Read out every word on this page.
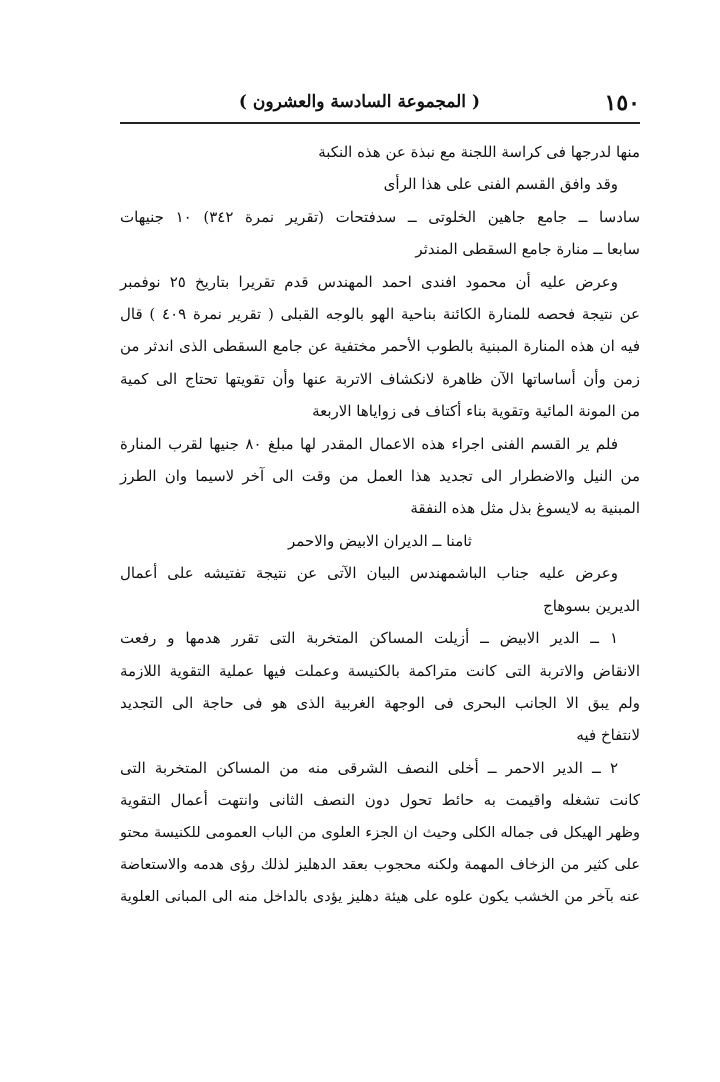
١٥٠
( المجموعة السادسة والعشرون )
منها لدرجها فى كراسة اللجنة مع نبذة عن هذه النكبة
وقد وافق القسم الفنى على هذا الرأى
سادسا ــ جامع جاهين الخلوتى ــ سدفتحات (تقرير نمرة ٣٤٢) ١٠ جنيهات
سابعا ــ منارة جامع السقطى المندثر
وعرض عليه أن محمود افندى احمد المهندس قدم تقريرا بتاريخ ٢٥ نوفمبر
عن نتيجة فحصه للمنارة الكائنة بناحية الهو بالوجه القبلى ( تقرير نمرة ٤٠٩ ) قال
فيه ان هذه المنارة المبنية بالطوب الأحمر مختفية عن جامع السقطى الذى اندثر من
زمن وأن أساساتها الآن ظاهرة لانكشاف الاتربة عنها وأن تقويتها تحتاج الى كمية
من المونة المائية وتقوية بناء أكتاف فى زواياها الاربعة
فلم ير القسم الفنى اجراء هذه الاعمال المقدر لها مبلغ ٨٠ جنيها لقرب المنارة
من النيل والاضطرار الى تجديد هذا العمل من وقت الى آخر لاسيما وان الطرز
المبنية به لايسوغ بذل مثل هذه النفقة
ثامنا ــ الديران الابيض والاحمر
وعرض عليه جناب الباشمهندس البيان الآتى عن نتيجة تفتيشه على أعمال
الديرين بسوهاج
١ ــ الدير الابيض ــ أزيلت المساكن المتخربة التى تقرر هدمها و رفعت
الانقاض والاتربة التى كانت متراكمة بالكنيسة وعملت فيها عملية التقوية اللازمة
ولم يبق الا الجانب البحرى فى الوجهة الغربية الذى هو فى حاجة الى التجديد
لانتفاخ فيه
٢ ــ الدير الاحمر ــ أخلى النصف الشرقى منه من المساكن المتخربة التى
كانت تشغله واقيمت به حائط تحول دون النصف الثانى وانتهت أعمال التقوية
وظهر الهيكل فى جماله الكلى وحيث ان الجزء العلوى من الباب العمومى للكنيسة محتو
على كثير من الزخاف المهمة ولكنه محجوب بعقد الدهليز لذلك رؤى هدمه والاستعاضة
عنه بآخر من الخشب يكون علوه على هيئة دهليز يؤدى بالداخل منه الى المبانى العلوية
